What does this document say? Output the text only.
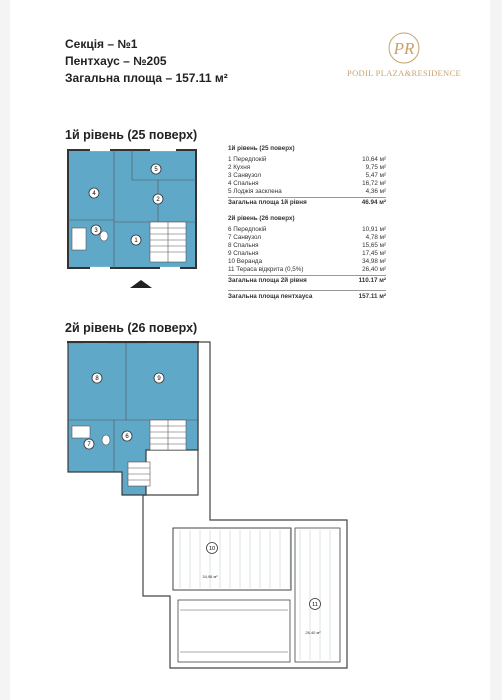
Секція – №1
Пентхаус – №205
Загальна площа – 157.11 м²
PR
PODIL PLAZA&RESIDENCE
1й рівень (25 поверх)
2й рівень (26 поверх)
1й рівень (25 поверх)
1 Передпокій	10,64 м²
2 Кухня	9,75 м²
3 Санвузол	5,47 м²
4 Спальня	16,72 м²
5 Лоджія засклена	4,36 м²
Загальна площа 1й рівня	46.94 м²
2й рівень (26 поверх)
6 Передпокій	10,91 м²
7 Санвузол	4,78 м²
8 Спальня	15,65 м²
9 Спальня	17,45 м²
10 Веранда	34,98 м²
11 Тераса відкрита (0,5%)	26,40 м²
Загальна площа 2й рівня	110.17 м²
Загальна площа пентхауса	157.11 м²
4
5
2
3
1
8	9
7
6
10
11
34,98 м²
26,40 м²
